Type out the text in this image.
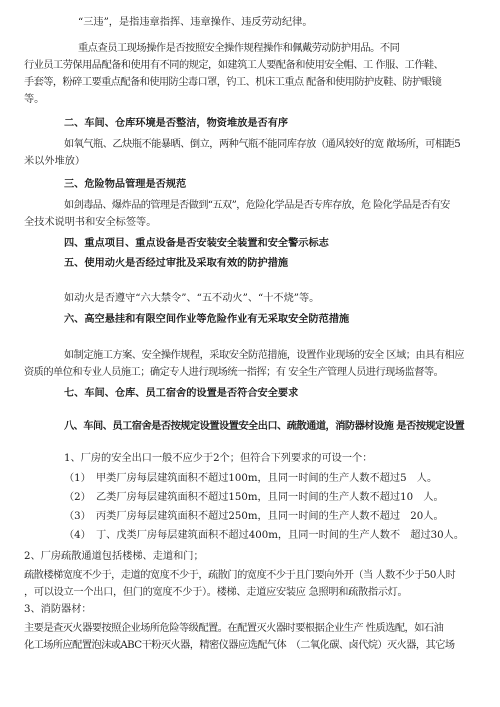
“三违”，是指违章指挥、违章操作、违反劳动纪律。
重点查员工现场操作是否按照安全操作规程操作和佩戴劳动防护用品。不同
行业员工劳保用品配备和使用有不同的规定，如建筑工人要配备和使用安全帽、工 作服、工作鞋、
手套等，粉碎工要重点配备和使用防尘毒口罩，钓工、机床工重点 配备和使用防护皮鞋、防护眼镜
等。
二、车间、仓库环境是否整洁，物资堆放是否有序
如氧气瓶、乙炔瓶不能暴晒、倒立，两种气瓶不能同库存放（通风较好的宽 敞场所，可相距5
米以外堆放）
三、危险物品管理是否规范
如剑毒品、爆炸品的管理是否做到“五双”，危险化学品是否专库存放，危 险化学品是否有安
全技术说明书和安全标签等。
四、重点项目、重点设备是否安装安全装置和安全警示标志
五、使用动火是否经过审批及采取有效的防护措施
如动火是否遵守“六大禁令”、“五不动火”、“十不烧”等。
六、高空悬挂和有限空间作业等危险作业有无采取安全防范措施
如制定施工方案、安全操作规程，采取安全防范措施，设置作业现场的安全 区域；由具有相应
资质的单位和专业人员施工；确定专人进行现场统一指挥；有 安全生产管理人员进行现场监督等。
七、车间、仓库、员工宿舍的设置是否符合安全要求
八、车间、员工宿舍是否按规定设置设置安全出口、疏散通道，消防器材设施 是否按规定设置
1、厂房的安全出口一般不应少于2个；但符合下列要求的可设一个：
（1）　甲类厂房每层建筑面积不超过100m，且同一时间的生产人数不超过5　人。
（2）　乙类厂房每层建筑面积不超过150m，且同一时间的生产人数不超过10　人。
（3）　丙类厂房每层建筑面积不超过250m，且同一时间的生产人数不超过　20人。
（4）　丁、戊类厂房每层建筑面积不超过400m，且同一时间的生产人数不　超过30人。
2、厂房疏散通道包括楼梯、走道和门；
疏散楼梯宽度不少于，走道的宽度不少于，疏散门的宽度不少于且门要向外开（当 人数不少于50人时
，可以设立一个出口，但门的宽度不少于）。楼梯、走道应安装应 急照明和疏散指示灯。
3、消防器材：
主要是查灭火器要按照企业场所危险等级配置。在配置灭火器时要根据企业生产 性质选配，如石油
化工场所应配置泡沫或ABC干粉灭火器，精密仪器应选配气体　（二氧化碳、卤代烷）灭火器，其它场
